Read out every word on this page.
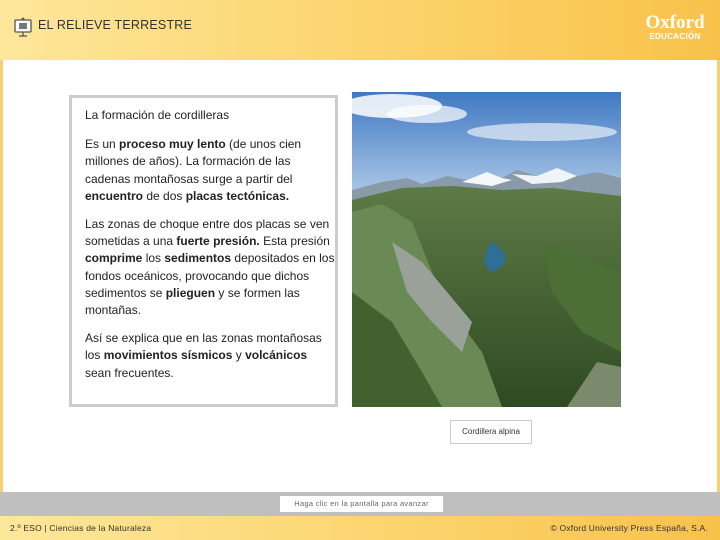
EL RELIEVE TERRESTRE	Oxford
EDUCACIÓN
La formación de cordilleras

Es un proceso muy lento (de unos cien millones de años). La formación de las cadenas montañosas surge a partir del encuentro de dos placas tectónicas.

Las zonas de choque entre dos placas se ven sometidas a una fuerte presión. Esta presión comprime los sedimentos depositados en los fondos oceánicos, provocando que dichos sedimentos se plieguen y se formen las montañas.

Así se explica que en las zonas montañosas los movimientos sísmicos y volcánicos sean frecuentes.

Cordillera alpina
Haga clic en la pantalla para avanzar
2.º ESO | Ciencias de la Naturaleza	© Oxford University Press España, S.A.
